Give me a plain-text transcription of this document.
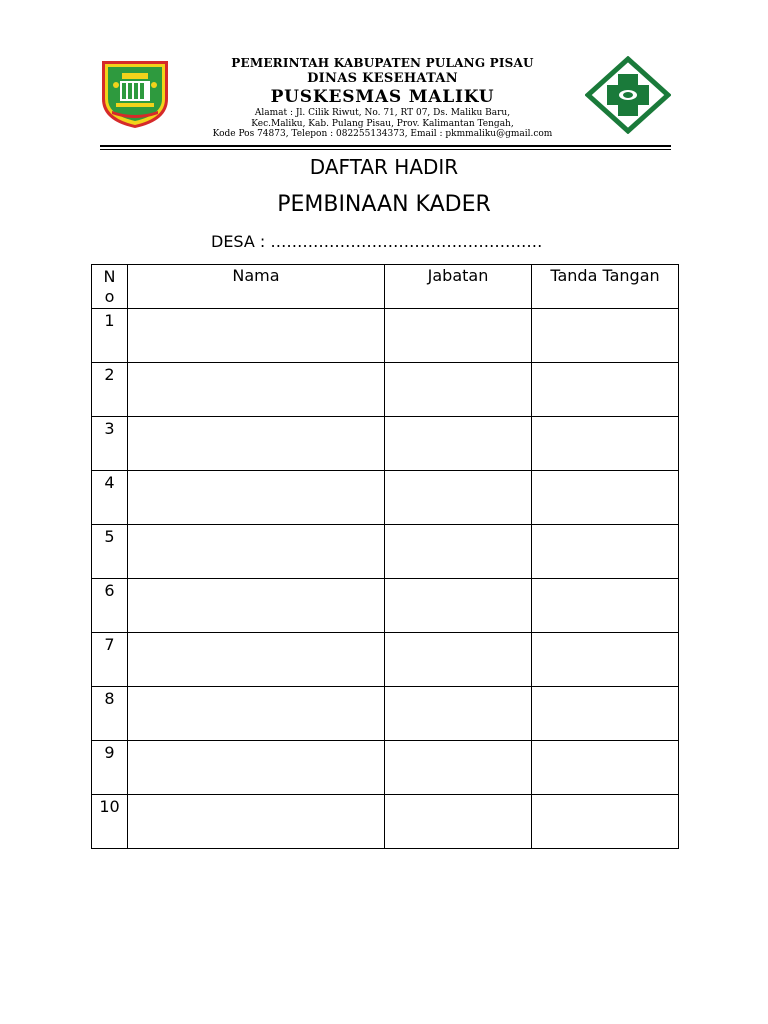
PEMERINTAH KABUPATEN PULANG PISAU
DINAS KESEHATAN
PUSKESMAS MALIKU
Alamat : Jl. Cilik Riwut, No. 71, RT 07, Ds. Maliku Baru,
Kec.Maliku, Kab. Pulang Pisau, Prov. Kalimantan Tengah,
Kode Pos 74873, Telepon : 082255134373, Email : pkmmaliku@gmail.com
DAFTAR HADIR
PEMBINAAN KADER
DESA : ……………………………………………
N
o	Nama	Jabatan	Tanda Tangan

1			

2			

3			

4			

5			

6			

7			

8			

9			

10			
